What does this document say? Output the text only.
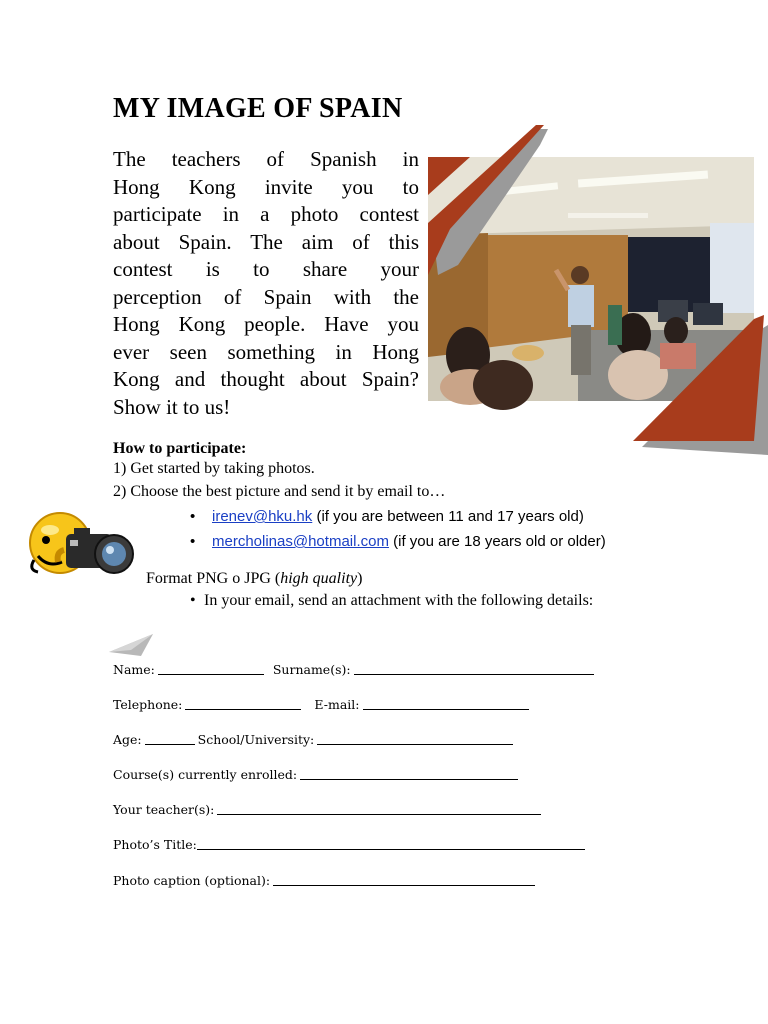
MY IMAGE OF SPAIN
The teachers of Spanish in
Hong Kong invite you to
participate in a photo contest
about Spain. The aim of this
contest is to share your
perception of Spain with the
Hong Kong people. Have you
ever seen something in Hong
Kong and thought about Spain?
Show it to us!
How to participate:
1) Get started by taking photos.
2) Choose the best picture and send it by email to…
• irenev@hku.hk (if you are between 11 and 17 years old)
• mercholinas@hotmail.com (if you are 18 years old or older)
Format PNG o JPG (high quality)
• In your email, send an attachment with the following details:
Name:	Surname(s):
Telephone:	E-mail:
Age:	School/University:
Course(s) currently enrolled:
Your teacher(s):
Photo’s Title:
Photo caption (optional):
